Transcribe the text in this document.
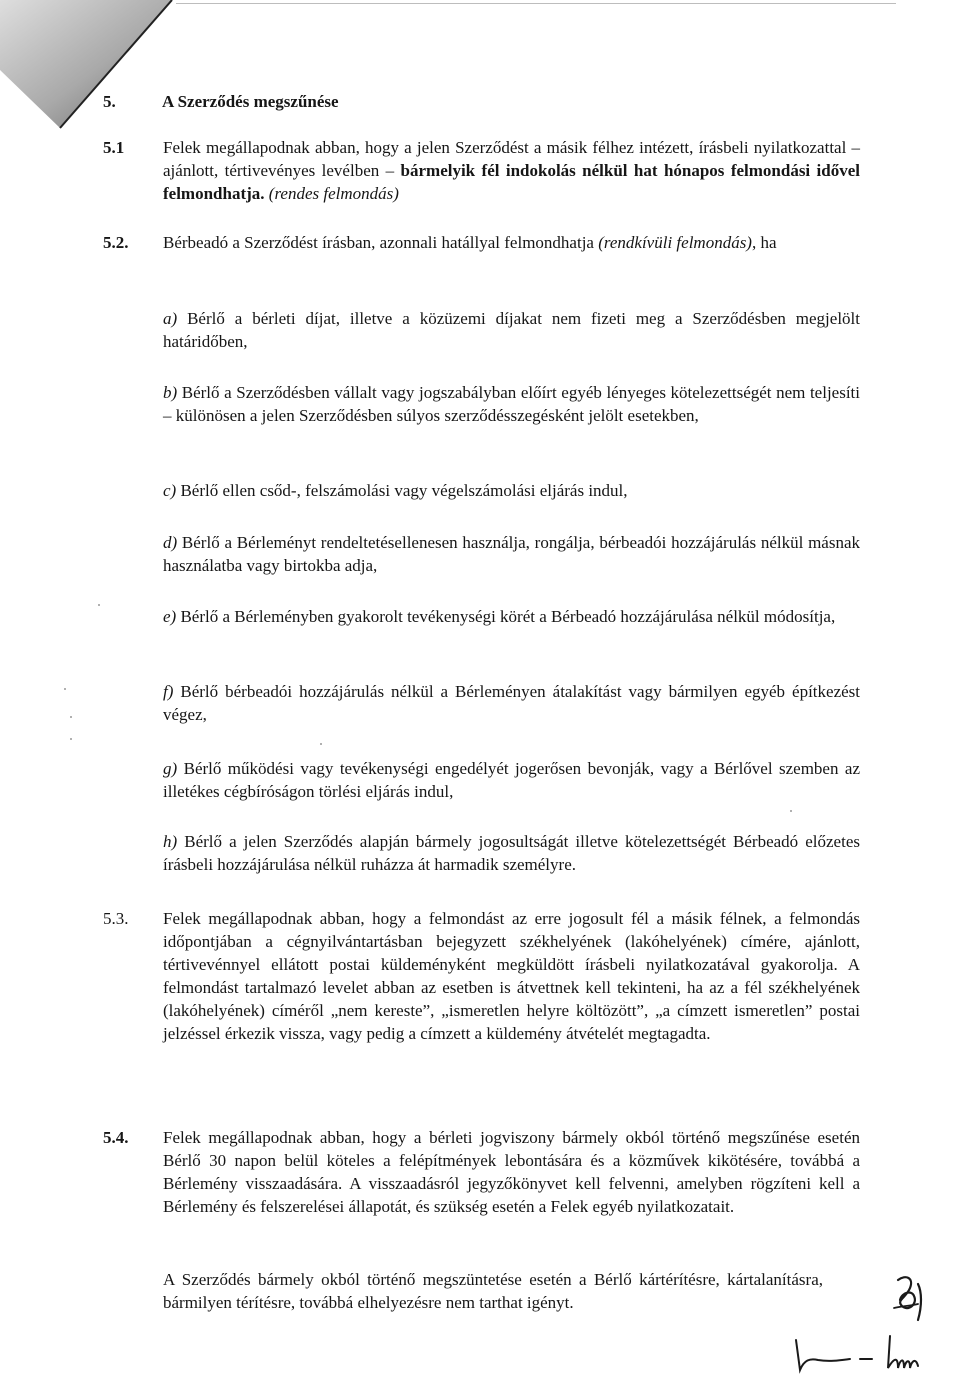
5.	A Szerződés megszűnése
5.1 Felek megállapodnak abban, hogy a jelen Szerződést a másik félhez intézett, írásbeli nyilatkozattal – ajánlott, tértivevényes levélben – bármelyik fél indokolás nélkül hat hónapos felmondási idővel felmondhatja. (rendes felmondás)

5.2. Bérbeadó a Szerződést írásban, azonnali hatállyal felmondhatja (rendkívüli felmondás), ha

a) Bérlő a bérleti díjat, illetve a közüzemi díjakat nem fizeti meg a Szerződésben megjelölt határidőben,
b) Bérlő a Szerződésben vállalt vagy jogszabályban előírt egyéb lényeges kötelezettségét nem teljesíti – különösen a jelen Szerződésben súlyos szerződésszegésként jelölt esetekben,
c) Bérlő ellen csőd-, felszámolási vagy végelszámolási eljárás indul,
d) Bérlő a Bérleményt rendeltetésellenesen használja, rongálja, bérbeadói hozzájárulás nélkül másnak használatba vagy birtokba adja,
e) Bérlő a Bérleményben gyakorolt tevékenységi körét a Bérbeadó hozzájárulása nélkül módosítja,
f) Bérlő bérbeadói hozzájárulás nélkül a Bérleményen átalakítást vagy bármilyen egyéb építkezést végez,
g) Bérlő működési vagy tevékenységi engedélyét jogerősen bevonják, vagy a Bérlővel szemben az illetékes cégbíróságon törlési eljárás indul,
h) Bérlő a jelen Szerződés alapján bármely jogosultságát illetve kötelezettségét Bérbeadó előzetes írásbeli hozzájárulása nélkül ruházza át harmadik személyre.
5.3. Felek megállapodnak abban, hogy a felmondást az erre jogosult fél a másik félnek, a felmondás időpontjában a cégnyilvántartásban bejegyzett székhelyének (lakóhelyének) címére, ajánlott, tértivevénnyel ellátott postai küldeményként megküldött írásbeli nyilatkozatával gyakorolja. A felmondást tartalmazó levelet abban az esetben is átvettnek kell tekinteni, ha az a fél székhelyének (lakóhelyének) címéről „nem kereste”, „ismeretlen helyre költözött”, „a címzett ismeretlen” postai jelzéssel érkezik vissza, vagy pedig a címzett a küldemény átvételét megtagadta.

5.4. Felek megállapodnak abban, hogy a bérleti jogviszony bármely okból történő megszűnése esetén Bérlő 30 napon belül köteles a felépítmények lebontására és a közművek kikötésére, továbbá a Bérlemény visszaadására. A visszaadásról jegyzőkönyvet kell felvenni, amelyben rögzíteni kell a Bérlemény és felszerelései állapotát, és szükség esetén a Felek egyéb nyilatkozatait.

A Szerződés bármely okból történő megszüntetése esetén a Bérlő kártérítésre, kártalanításra, bármilyen térítésre, továbbá elhelyezésre nem tarthat igényt.
